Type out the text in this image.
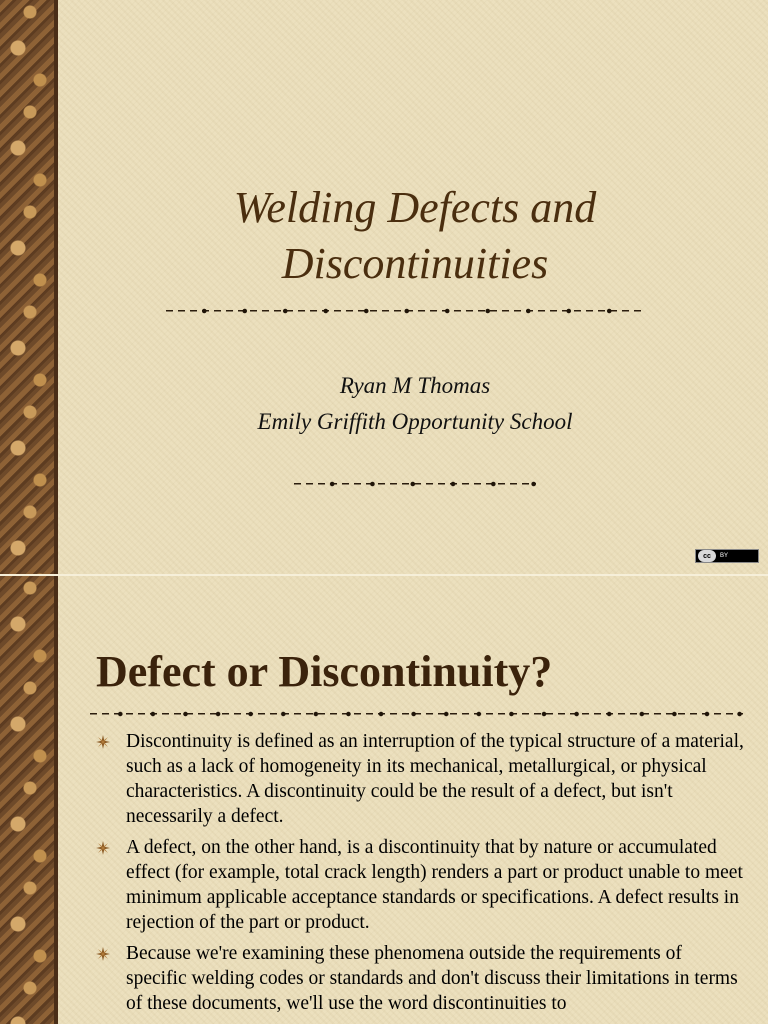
Welding Defects and
Discontinuities
Ryan M Thomas
Emily Griffith Opportunity School
cc	BY
Defect or Discontinuity?
Discontinuity is defined as an interruption of the typical structure of a material, such as a lack of homogeneity in its mechanical, metallurgical, or physical characteristics. A discontinuity could be the result of a defect, but isn't necessarily a defect.
A defect, on the other hand, is a discontinuity that by nature or accumulated effect (for example, total crack length) renders a part or product unable to meet minimum applicable acceptance standards or specifications. A defect results in rejection of the part or product.
Because we're examining these phenomena outside the requirements of specific welding codes or standards and don't discuss their limitations in terms of these documents, we'll use the word discontinuities to
